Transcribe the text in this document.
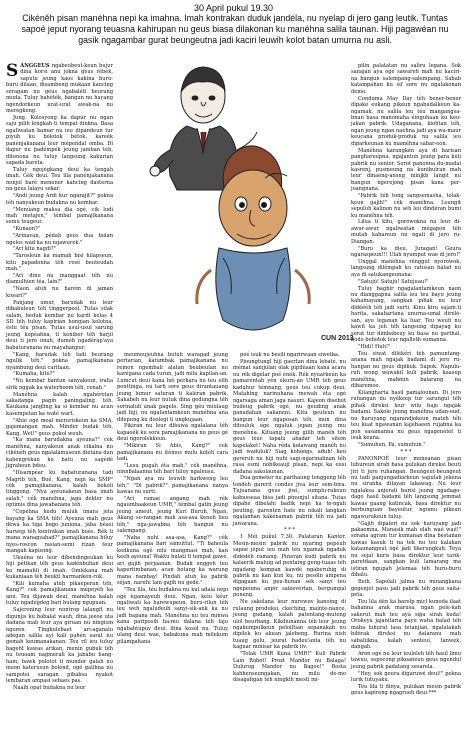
30 April pukul 19.30
Cikéněh pisan manéhna nepi ka imahna. Imah kontrakan duduk jandéla, nu nyelap di jero gang leutik. Tuntas sapoé jeput nyorang teuasna kahirupan nu geus biasa dilakonan ku manéhna salila taunan. Hiji pagawéan nu gasik ngagambar gurat beungeutna jadi kaciri leuwih kolot batan umurna nu asli.

SANGGEUS ngabeubeut-keun bujur dina korsi anu jokna geus rébék, saputu jeung kaos kakina buru-buru dilaan, disambeng mukaan kancing seragam nu geus ngabaléti beurang muda. Tuluy bahéték, bangun nu hayang ngendorkeun urat-urat awak-na nu meregkeng.

Jung. Kolosyong ka dapur nu ngan saju pilih lengkah ti tempat dinkna. Basa ngaliwatan kamar nu ieu dipandeun tur piyuh ku bolotok bétok, kareék panénjakanana leur mépendal omba. Di dapur nu padémpék jeung jamban téh, ditonona nu tuluy langsung kakurian sapada baréta.

Tuluy ngojégkang deui ka tengah imah. Gék deui. Teu lila panénjakanana nonjol barè menener kancing dasterna nu geus lalayu sekar.

"Andi jeung Ardi kur ngarajit?" pokna téh nanyakeun budakna nu kembar.

"Menúang maksa dia ogé, cik ludi mah metajen," témbal pamajikanana semu teugeur.

"Kunaon?"

"Arinavan, pédah geus dua bulan ngelos wad ka nu ngawurek."

"Ari kitu nagdi?"

"Tarosleun ka mamah bisi hilapseun, kitu papadonna téh rosé beuteudah mah."

"Ari dinu nu manggaat téh nu diamulhien téa, lain?"

"Naon atuh nu harém di jaman kiwari?"

Panjang umur, barudak nu leur dibabuleun téh tinggerpeol. Tutas silak salam, beduk kembar nu kardi kelas 4 SD téh tuluy kapirian hongian kolotna, éstu téu pisan. Tutas usul-usul sarung jeung kopéahna, ti keniber téh harjil deui ti jero imah, duméh ngadérap'aya babaturanana nu mayahanpur.

"Kang, barudak téh tadi beurang ngulik téh," pokna pamajikanana nyambung deui caritaan.

"Kumaha, kitu?"

"Nu kembar bantun sanyakeun, iraha sirik nggak ka waterboom téh, cenah."

Manéhna kalah ngahérotan sakadanga pagin paningaling téh. Kaukana jangling ka si kembar nu acan kasempetan ka waté wart.

"Ahie ogé moal meruriskeun ka SMA, gajemangan mah. Minder budak téh, Kang, Wet!" geus pokol weuh.

"Ka mana barudakna ayeuna?" cek manéhna, nanyakeun anak cikalna nu cikénéh geus ngalalamuseun dietana dan kahengrekan ku batu nu sagédé jigraheun bdeu.

"Disampéar ku babaturanana tadi Magrib téh, Bué, Kang, nepi ka SMP" cék pamajikanana, kalah bokoli tinggong. "Nya ayéunakeun basa imah salah," cék manéhna, jaga dekter nu optimis dina jawabanana téh.

"Copéhna kudu muluk ímara jeta bayang ka SMA téh! Ayeuna mah geus dewa ka tiga bogo juniona, jaba béasi harwep téh kontrakan imah bués. Rék ti mana wanagsahad?" pamajikanana biluy nyes-roscon rasian-semi rizan teur mangah kapusing.

Ukuéna nu leur dibendingeukan ku hiji pétikan téh geus kadénbuhan deui ku mamahli di imah. Omlékana mah kukaniaan téh beukti harmanken-ruk.

"Kili kumaha atuh pikaeperan téh, Kang?" cek pamajikanana mépeyéh ka anu. Teu dijawab deui, manéhna kalah tuluy ngadégdeg bari bulang ngupuan.

Sajeroning leur nontrop lalangit nu digunjis ku babalat wauh, dina jeeoe uta dadana mah leur aya giruan nu ningisin nguren. Tingkulebaet ari-aganalu adegan salila ayi kali pahén sarat nu gemah keumanakanan. Téu ril ieu tuluy bageht kawas arikan, menin gubuk téh nu teuoam nagmerali ka jababu bang-ham, bawk polotot ti mundor galah nu meon katerusun bolénd, ogé galihna nu sampotei saragan pibabsa nyakot lembaran ampasi sebaes pas.

Naaih opat budakna nu leur

CUN 2013

meumeujeuhna butuh waragad jeung pertarian, katumbak pamajikanana nu remon ngembali alatan beubeulan nu karégana cada turun, jadi milu kapilan-an. Lumcut deui kana héi perkara nu teu elih penttinga, nu tarh sore geus dirantauang jeung lumur saturan ti kaléran pabrik. Sakabeh nu leur nutuk dina gedungna téh sorinaluh anak pagelo. Sing géu miulaug jadi hiji, nu ngalantamkeun manéhna ana dilepung ku doolegi ti ungkujaan.

Pikiran nu leur dibawa ngalalana téh kapaoék ku sora pamajikanana nu geus gé deui ngorolekkeun.

"Mikiran Si Abis, Kang?" cek pamajikanana nu itémus mulu kétéh cara tadi.

"Lesu pugah éta mah," cék manéhna, ninnbalaanna téh bari tuluy ngaleusu.

"Ngan aya nu leuwih harkweng leu téh," "Di pabrik?" pamajikanana nanya kawas nu surti.

"Ari ramae angang mah rék ngaumbaakeun UMR," témbal gatin jeung jeung ameut, jeung Kuri Buruh, Ngan, Akang so-rangan mah asa-asa keneh lieu téh," nga-jawabna téh bangun nu salempang.

"Naha nuhi asa-asa, Kang?" cék pamajikanana bari samuttut. "Ti baheula kedkuna ogé nilu mangmasi mah, kan keeh ayeuna! Waktu bulati ti tempat gawé, ari gajih perjaanan. Budak enggoh teu kapertimbanan, acan botang ka warung mana nambay! Pindah atuh ka pabrik séjan, naruhi lain gajih nu gedé."

"Teu lila, téu budakna nu kul adala nepi ogé ngamayeuh deui. Ngan, keiu kéur ngaliwati ka harewupeun, buru-rilun téh leu weh ngaludeuh sanyi-sik-ank ka nu jadi bapana mah. Manéhna nu teu minwa kana pariposih ha-mu dalana téh laju ngabahtupuy deui, dina kosol nu. Tuluy ulang deui wae, babakuna mah milekum pilampahana

poé isuk nu besili ngarirwaan siwetka.

Pioungtungl hiji gaertan dina lebaté, nu mémat sanijulan olak pipihiaan kana acara nu rék digélar poé énék. Rék nyuarkeun ka pamaréntah yén ukuru-an UMR téh geus kaduhur témnang, geus teu cukup deui. Matahing narinuhana mewah éta ogé ngarsaga aman jaga nasuri. Kajeon disebut budeug pabrik ogé, nu geuding anak panadahan sakaneni. Kitu geuteun nu bangun leur ngaposan téh, mun dina ditouluk ogé ngaluk jepan jeung mu menéhna. Kituang jeung gilih manéh téh geus leuc tapalu abadar teh sitem kapelaket! Naha réda kolawang manéh nu jadi waduluk? Siag kohongs, aduh! keu gereruh nu hiji nuhi sagi-ngarinalinan téh rasa esmi nobikeauji pisan, nepi ka eusi dadana sakolaunan.

Dua gemeter nu parihaung tonggeng téh tondeh garerit condes jiva leur sem-bira. Tujuanana geus jiwi, sumplu-rakeun kabusseaa bisa jadi pinunjul sitana. Tutas dipahé dibelahi badik nepi ka te-ngah peuting, garenten hate nu nikali langkan ngalanhan kakénaman pabrik téh nu jadi jawarana.

* * *

1 Méi pukul 7.30. Palataran Kantor. Mesin-mesin pabrik nu nyaring pepeuh sapoé jeput ieu mah teu ngamak ngaduk didédéh ramang. Puteran kudi pabrik nu kalaerik maluig ad pentaing geng-tuaas téh ngadang kompan kawdé ngaberubig di pabrik nu kan kun ku, nu pesóln ampena digagaan ku peu-hunan sek sanyi teu ngepeuma anpir saleevertan, bergumpal poneng.

Nu sakolana leur nurewuv kanoing di rulaung produksi, ckeching, mainte-nance, jeung gudang, kalah patentang-muteng ulol beurbang. Kikdiunanna téh leur jeung ngakumpulkeun poloiltian sepanakah nu dipilek ku akuan jalebeng. Rurina nish tuaug gelu, jeurat badeu'anta téh nu kaguar minisar ka pabrik iiv.

"Tolak UMR Kuna UMR!" Kuli Pabrik Lain Robot! Prozt Mandor nu Balaga! Dulurug Mandor nu Bagoe!" Bosta kahhenseungakan, nu milu de-mo disagahgan téh ningkih mesti mi-

pilin palatatan nu saliru legana. Sok sanajan aya ogé sawareh mah nu kaciri-na bangun salempang-salempang. Sabab katampahan ku sif sore nu ngalakonan demo.

Conduma May Day téh bener-bener dipaké eukang pikeun ngabudalkeun ka-ngamak, nu salila leu téu mangangsa-bnan basa manómaha éinguhaan ku keu-jakan pabrik. Udaganana, kiohtan téh, ngan jeung ngan naéhna jadi aya wa-maur keucana produk-produk nu salila ieu diparkeunan ku maméhna sabar-eon.

Manéhna karangkén aya di barisan panghareupna, ngajantun jeung para kuli pabrik nu senior. Sorot panonna du-madai kasrenj, pusmeung na kunibuiran mah leur dinaéng-ansng minjkb langit nu bangun ngerejong pisan kana per-joangnana.

"Pabrik téh tong sangsemasha, tolak-keun gajih!" cék manéhna. Leungit sepuluh kalinon nu séh leu dindéran bumi ku manéhna téh.

Lilua ti kitu, gorowokna nu leur di-awur-awur ngaliwatan mégapon téh mutah kahareun nu ngali di jero ru-Diangan.

"Buru ka dieu, Juragan! Geura ngaraspeun!!! Ulah nyumput wae di jero!"

Unggal manéhna rénggut nyorowok, langsung dilémpah ku ratusan balad nu aya di satukangeunana:

"Satujú! Satujú! Satujuau!"

Tuluy bagbir ngagalantamkeun naon nu dianggapna salila ieu teu bayu jeung kahamayang, sangkan pihak nu leur didéééh téh jadi surti. Kinu kiru sajam.ti harita, sakahartana unurna-umal dirélé-san, ayu leganan ka luar. Teu weuh nu kawit ka jeh téh langsung dipayag ku sorat tur dimbabeuy ku basa nu garthal, bodo bohotok leur ngalleth sumanna.

"Hidi! Huh!"

Teu siwat dilékéri téh pamuntang-anana mah ngajak badami di jero ru-hangan nu geus dipikuk. Sapok. Napulu-ruh wong wawakil kuli pabrik, kaasup manéhna, mahmin balarang na dibaremoo.

Kilangharta hasil pamalounan. Di jero ruhangan nu nyékeep tur sarungul téh pihak direksi leur wilu bajo ngajak badami. Sakole jeung manéhna udan-oud, nu haruyang ngarandjokeun mateh téh teu kuat ngawanan kajebaeen rujabna ka pon sasamanna nu geus ngagenetet ti isuk keuna.

"Sumuhun, Pa, sumuhun."

* * *

PANONPOÉ leur meneanan pisan luhureun sirah basa pulukan direksi beuti jiri ti jero ruhangan. Beungeut-beungeut nu tadi panjungadiarkeun sapulah jekena nu siranha dilayan lakawag. Nu leur ngalaksa anjerati barisi jeung ngadago-dago hasil badami téh langsung jemmat kawas gaang katincak, basa direktur nu berbunguan bayeutur, ngumu pikeun ngawurukeun tuluy.

"Gajih dipaleri nu sok haruyang jadi pakaemna. Manasik mah ulah waé waé!" sorana agram tur kumanan dina bestanan kawas kasuk ti na tek nu teu kalakan kataunangeut ogé jadi likerungkuh. Teya nu sejal kuris basa direktur leur tarik-paretdaan, sangkan kuli lamarang ma istiran ngupah jelemaa téh buru-buru dibalu.

Beih. Sapolali jalma nu minangkana gegenjet pasu jadi pabrik téh geus saita-peta.

Teu lila dén ka barolp micl kunoda ilaat bahanna arak marusa, ngan pele-kah sakerut mah teu aya siga sirah kuda! Orokeya jajanitaria payu waha balad téh maha luhurat lasa tetanjian, ngalulakuh bibirak direksi nu dalaranu mah sabaliikna, kalah senteuí, tanwek, dangah.

Aron ogé nu leur ieuloleh téh hasil limu tawuu, sepocong pikoaneun geus ngendul jeung pabrik padatang sesarela.

"Hey, sok geura digaruwé deui!" pokna lurik tutuyaku.

Teu lila ti dinya, pulukan mesin pabrik geus kapireng ngagrueh deui.***
